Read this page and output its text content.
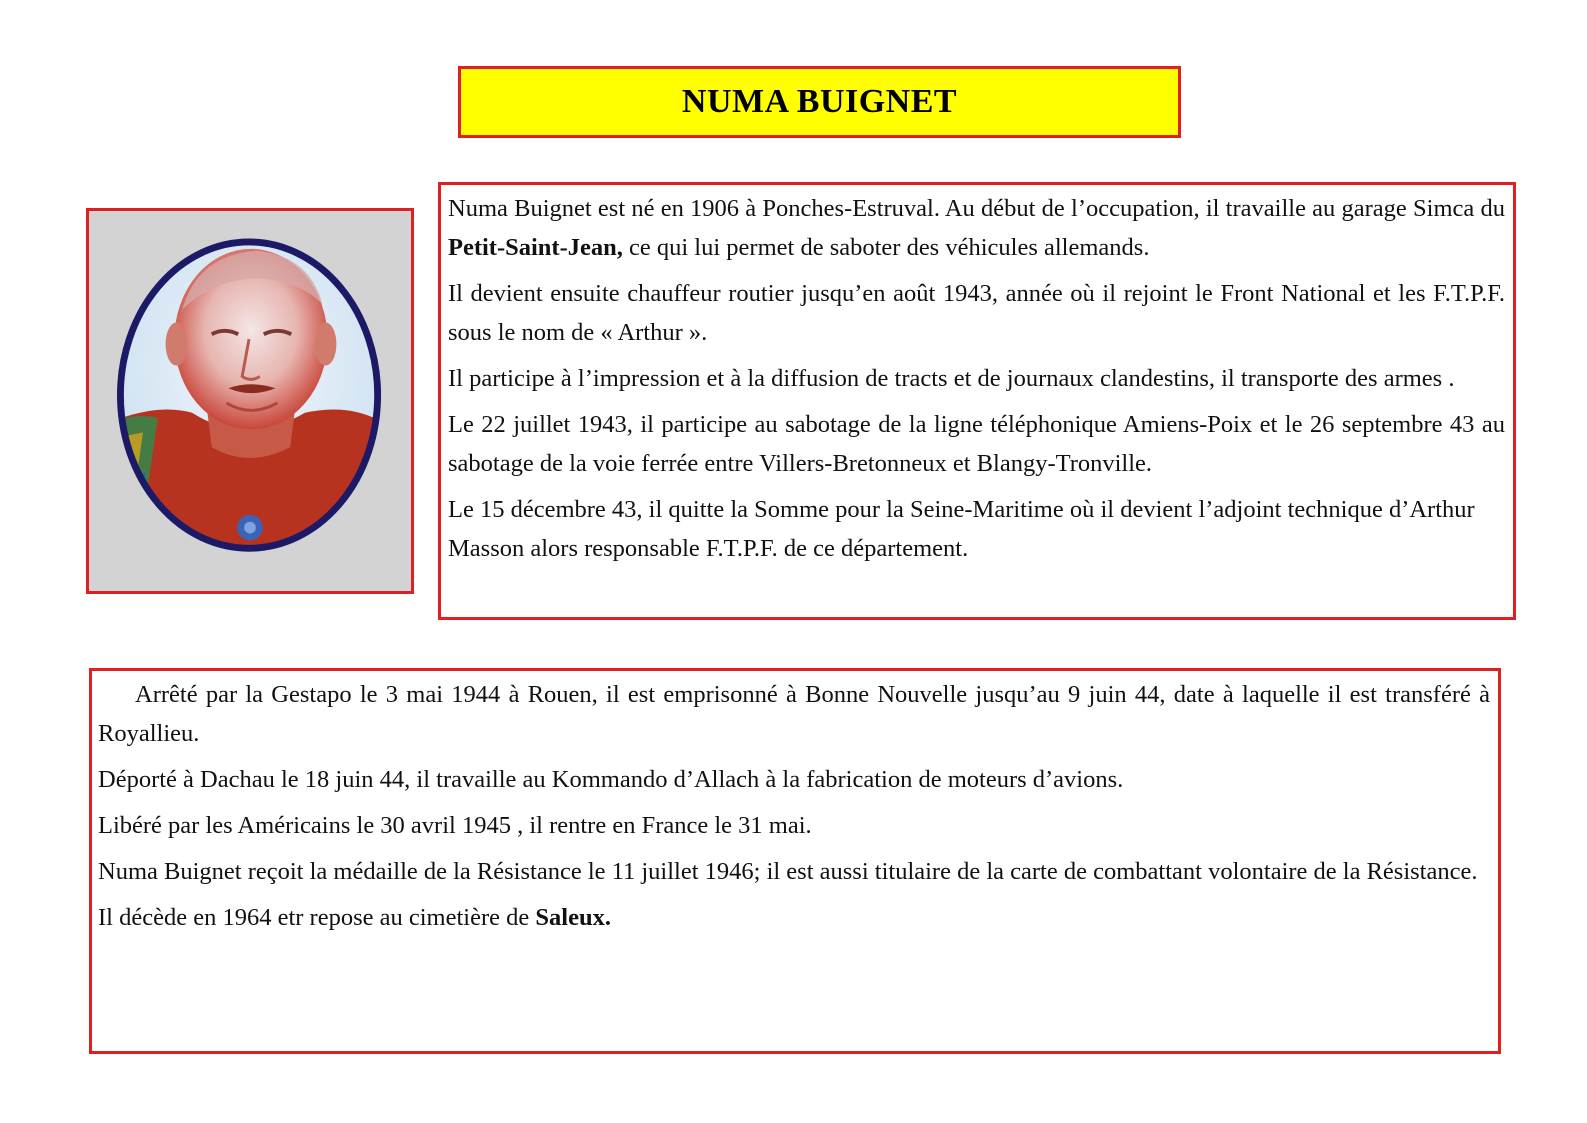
NUMA BUIGNET

Numa Buignet est né en 1906 à Ponches-Estruval. Au début de l’occupation, il travaille au garage Simca du Petit-Saint-Jean, ce qui lui permet de saboter des véhicules allemands.

Il devient ensuite chauffeur routier jusqu’en août 1943, année où il rejoint le Front National et les F.T.P.F. sous le nom de « Arthur ».

Il participe à l’impression et à la diffusion de tracts et de journaux clandestins, il transporte des armes .

Le 22 juillet 1943, il participe au sabotage de la ligne téléphonique Amiens-Poix et le 26 septembre 43 au sabotage de la voie ferrée entre Villers-Bretonneux et Blangy-Tronville.

Le 15 décembre 43, il quitte la Somme pour la Seine-Maritime où il devient l’adjoint technique d’Arthur Masson alors responsable F.T.P.F. de ce département.

Arrêté par la Gestapo le 3 mai 1944 à Rouen, il est emprisonné à Bonne Nouvelle jusqu’au 9 juin 44, date à laquelle il est transféré à Royallieu.

Déporté à Dachau le 18 juin 44, il travaille au Kommando d’Allach à la fabrication de moteurs d’avions.

Libéré par les Américains le 30 avril 1945 , il rentre en France le 31 mai.

Numa Buignet reçoit la médaille de la Résistance le 11 juillet 1946; il est aussi titulaire de la carte de combattant volontaire de la Résistance.

Il décède en 1964 etr repose au cimetière de Saleux.
